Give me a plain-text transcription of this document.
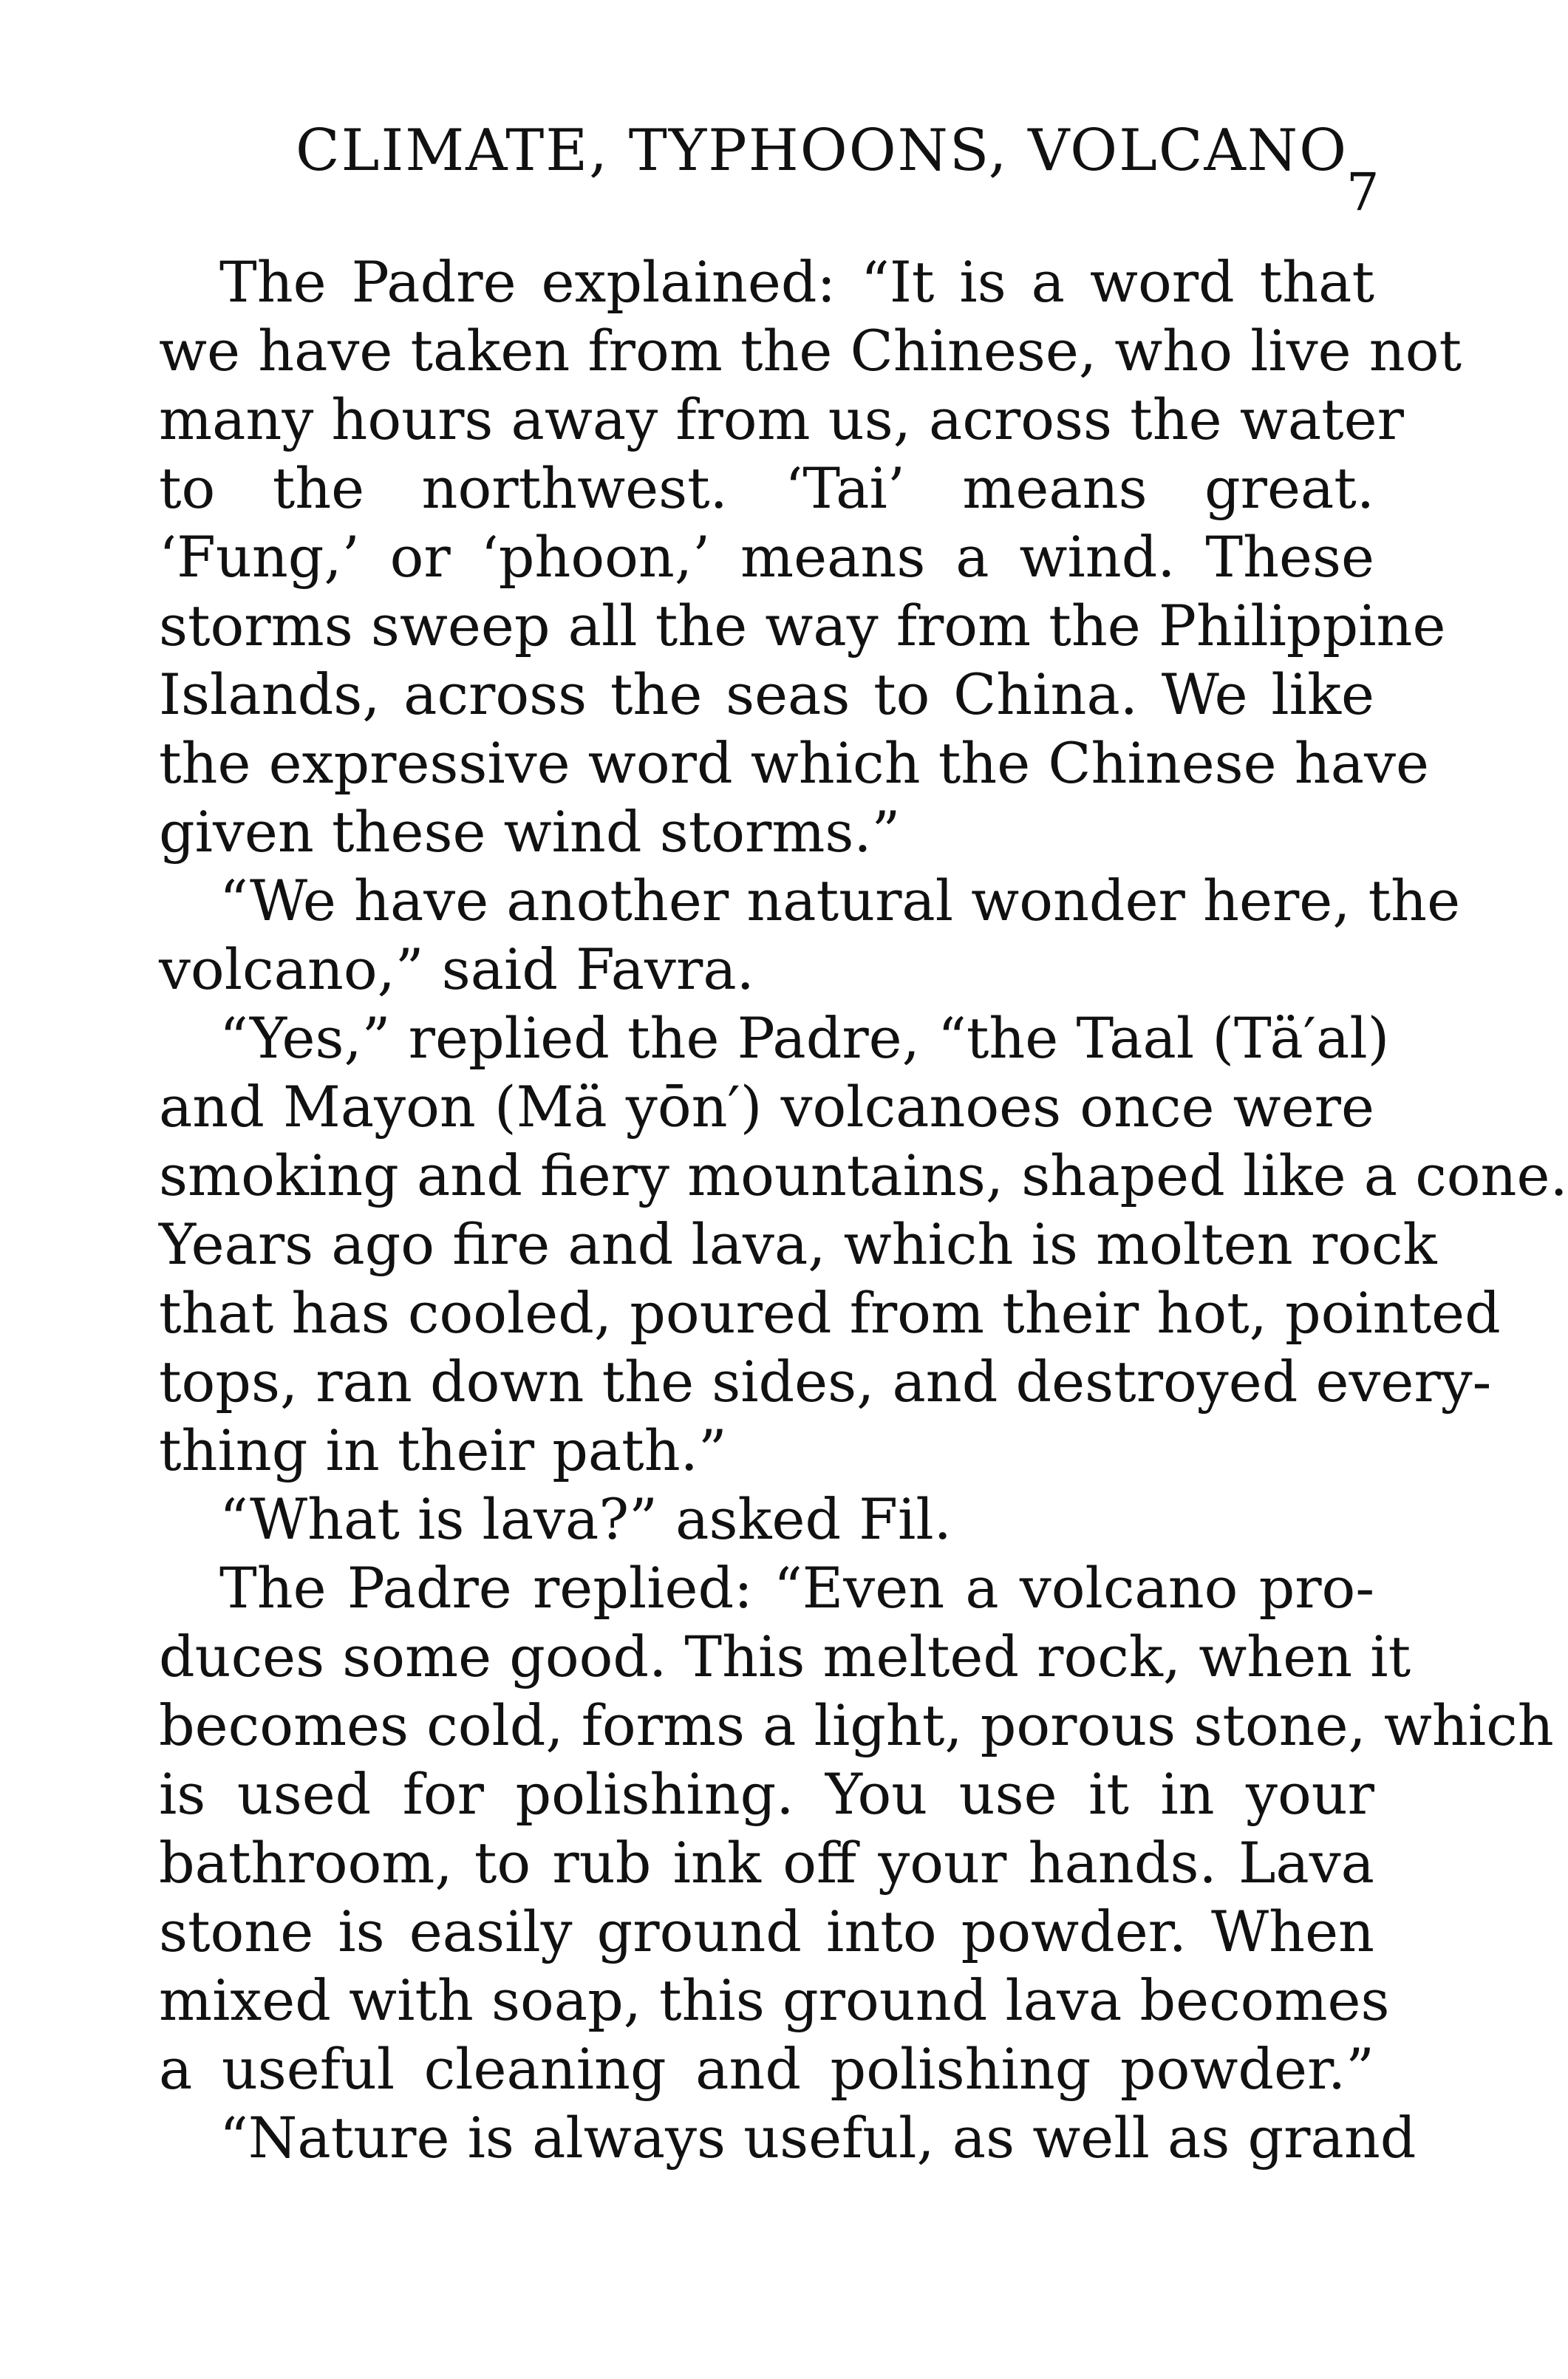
CLIMATE, TYPHOONS, VOLCANO
7
The Padre explained: “It is a word that
we have taken from the Chinese, who live not
many hours away from us, across the water
to the northwest. ‘Tai’ means great.
‘Fung,’ or ‘phoon,’ means a wind. These
storms sweep all the way from the Philippine
Islands, across the seas to China. We like
the expressive word which the Chinese have
given these wind storms.”
“We have another natural wonder here, the
volcano,” said Favra.
“Yes,” replied the Padre, “the Taal (Tä′al)
and Mayon (Mä yōn′) volcanoes once were
smoking and fiery mountains, shaped like a cone.
Years ago fire and lava, which is molten rock
that has cooled, poured from their hot, pointed
tops, ran down the sides, and destroyed every-
thing in their path.”
“What is lava?” asked Fil.
The Padre replied: “Even a volcano pro-
duces some good. This melted rock, when it
becomes cold, forms a light, porous stone, which
is used for polishing. You use it in your
bathroom, to rub ink off your hands. Lava
stone is easily ground into powder. When
mixed with soap, this ground lava becomes
a useful cleaning and polishing powder.”
“Nature is always useful, as well as grand
